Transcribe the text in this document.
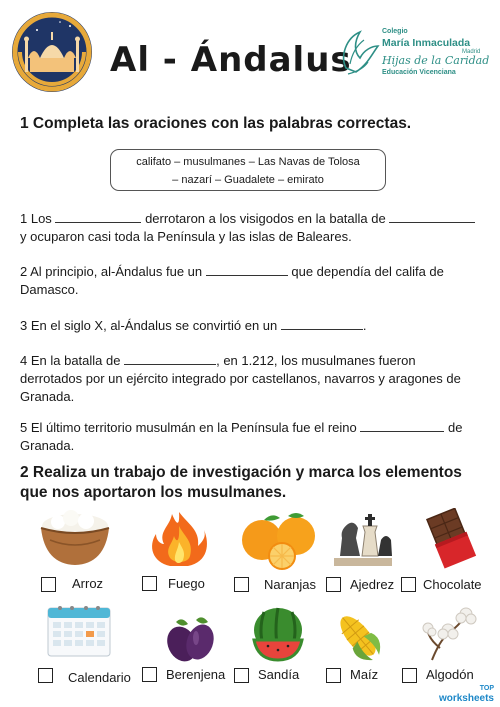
Al - Ándalus
Colegio
María Inmaculada
Madrid
Hijas de la Caridad
Educación Vicenciana
1 Completa las oraciones con las palabras correctas.
califato – musulmanes – Las Navas de Tolosa
– nazarí – Guadalete – emirato
1 Los	derrotaron a los visigodos en la batalla de
y ocuparon casi toda la Península y las islas de Baleares.
2 Al principio, al-Ándalus fue un	que dependía del califa de
Damasco.
3 En el siglo X, al-Ándalus se convirtió en un	.
4 En la batalla de	, en 1.212, los musulmanes fueron
derrotados por un ejército integrado por castellanos, navarros y aragones de
Granada.
5 El último territorio musulmán en la Península fue el reino	de
Granada.
2 Realiza un trabajo de investigación y marca los elementos
que nos aportaron los musulmanes.
Arroz	Fuego	Naranjas	Ajedrez Chocolate
Calendario	Berenjena	Sandía	Maíz	Algodón
TOP
worksheets
